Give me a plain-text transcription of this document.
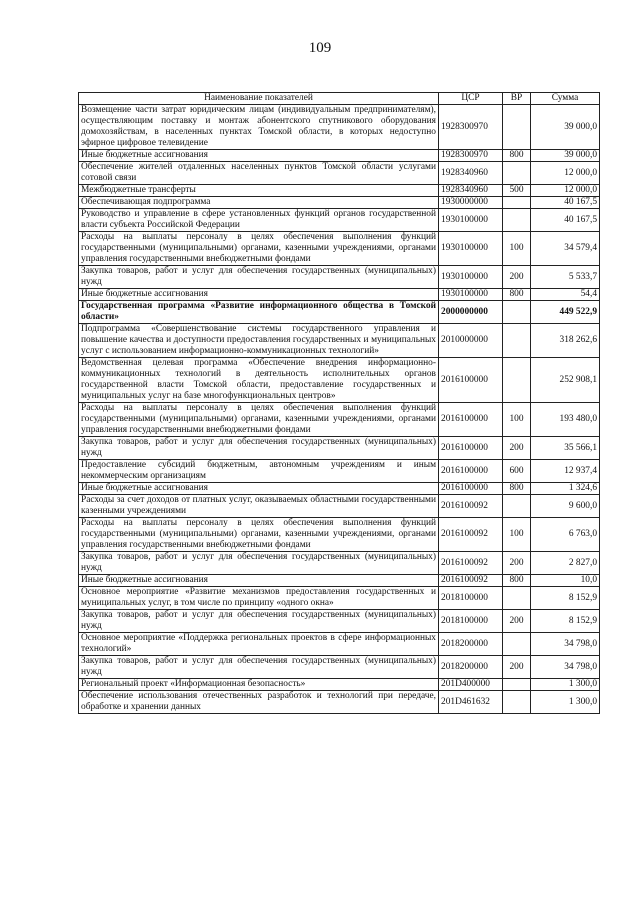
109
Наименование показателей	ЦСР	ВР	Сумма
Возмещение части затрат юридическим лицам (индивидуальным предпринимателям), осуществляющим поставку и монтаж абонентского спутникового оборудования домохозяйствам, в населенных пунктах Томской области, в которых недоступно эфирное цифровое телевидение	1928300970		39 000,0
Иные бюджетные ассигнования	1928300970	800	39 000,0
Обеспечение жителей отдаленных населенных пунктов Томской области услугами сотовой связи	1928340960		12 000,0
Межбюджетные трансферты	1928340960	500	12 000,0
Обеспечивающая подпрограмма	1930000000		40 167,5
Руководство и управление в сфере установленных функций органов государственной власти субъекта Российской Федерации	1930100000		40 167,5
Расходы на выплаты персоналу в целях обеспечения выполнения функций государственными (муниципальными) органами, казенными учреждениями, органами управления государственными внебюджетными фондами	1930100000	100	34 579,4
Закупка товаров, работ и услуг для обеспечения государственных (муниципальных) нужд	1930100000	200	5 533,7
Иные бюджетные ассигнования	1930100000	800	54,4
Государственная программа «Развитие информационного общества в Томской области»	2000000000		449 522,9
Подпрограмма «Совершенствование системы государственного управления и повышение качества и доступности предоставления государственных и муниципальных услуг с использованием информационно-коммуникационных технологий»	2010000000		318 262,6
Ведомственная целевая программа «Обеспечение внедрения информационно-коммуникационных технологий в деятельность исполнительных органов государственной власти Томской области, предоставление государственных и муниципальных услуг на базе многофункциональных центров»	2016100000		252 908,1
Расходы на выплаты персоналу в целях обеспечения выполнения функций государственными (муниципальными) органами, казенными учреждениями, органами управления государственными внебюджетными фондами	2016100000	100	193 480,0
Закупка товаров, работ и услуг для обеспечения государственных (муниципальных) нужд	2016100000	200	35 566,1
Предоставление субсидий бюджетным, автономным учреждениям и иным некоммерческим организациям	2016100000	600	12 937,4
Иные бюджетные ассигнования	2016100000	800	1 324,6
Расходы за счет доходов от платных услуг, оказываемых областными государственными казенными учреждениями	2016100092		9 600,0
Расходы на выплаты персоналу в целях обеспечения выполнения функций государственными (муниципальными) органами, казенными учреждениями, органами управления государственными внебюджетными фондами	2016100092	100	6 763,0
Закупка товаров, работ и услуг для обеспечения государственных (муниципальных) нужд	2016100092	200	2 827,0
Иные бюджетные ассигнования	2016100092	800	10,0
Основное мероприятие «Развитие механизмов предоставления государственных и муниципальных услуг, в том числе по принципу «одного окна»	2018100000		8 152,9
Закупка товаров, работ и услуг для обеспечения государственных (муниципальных) нужд	2018100000	200	8 152,9
Основное мероприятие «Поддержка региональных проектов в сфере информационных технологий»	2018200000		34 798,0
Закупка товаров, работ и услуг для обеспечения государственных (муниципальных) нужд	2018200000	200	34 798,0
Региональный проект «Информационная безопасность»	201D400000		1 300,0
Обеспечение использования отечественных разработок и технологий при передаче, обработке и хранении данных	201D461632		1 300,0
